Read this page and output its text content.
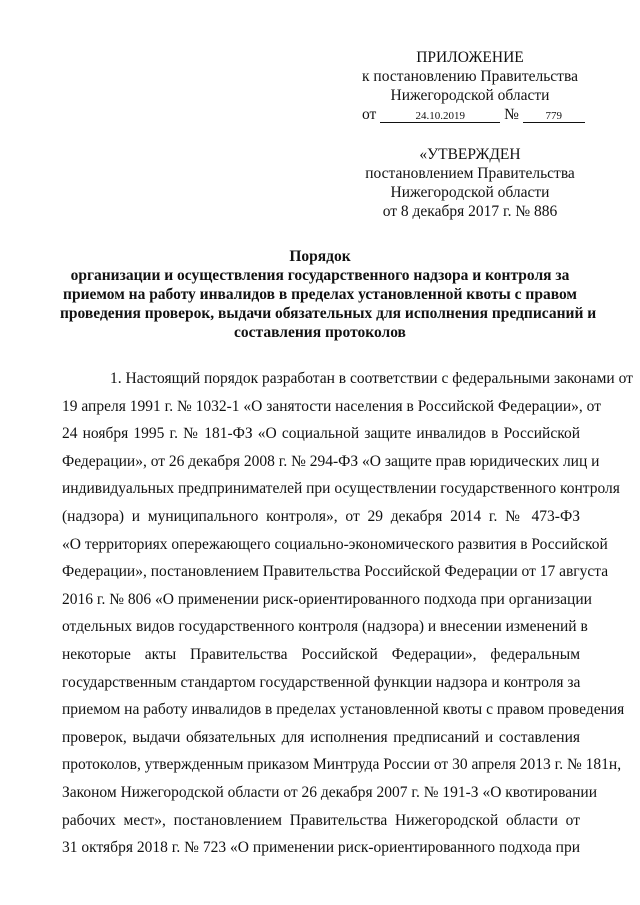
ПРИЛОЖЕНИЕ
к постановлению Правительства
Нижегородской области
от	24.10.2019	№ 779
«УТВЕРЖДЕН
постановлением Правительства
Нижегородской области
от 8 декабря 2017 г. № 886
Порядок
организации и осуществления государственного надзора и контроля за
приемом на работу инвалидов в пределах установленной квоты с правом
проведения проверок, выдачи обязательных для исполнения предписаний и
составления протоколов
1. Настоящий порядок разработан в соответствии с федеральными законами от
19 апреля 1991 г. № 1032-1 «О занятости населения в Российской Федерации», от
24 ноября 1995 г. № 181-ФЗ «О социальной защите инвалидов в Российской
Федерации», от 26 декабря 2008 г. № 294-ФЗ «О защите прав юридических лиц и
индивидуальных предпринимателей при осуществлении государственного контроля
(надзора) и муниципального контроля», от 29 декабря 2014 г. № 473-ФЗ
«О территориях опережающего социально-экономического развития в Российской
Федерации», постановлением Правительства Российской Федерации от 17 августа
2016 г. № 806 «О применении риск-ориентированного подхода при организации
отдельных видов государственного контроля (надзора) и внесении изменений в
некоторые акты Правительства Российской Федерации», федеральным
государственным стандартом государственной функции надзора и контроля за
приемом на работу инвалидов в пределах установленной квоты с правом проведения
проверок, выдачи обязательных для исполнения предписаний и составления
протоколов, утвержденным приказом Минтруда России от 30 апреля 2013 г. № 181н,
Законом Нижегородской области от 26 декабря 2007 г. № 191-З «О квотировании
рабочих мест», постановлением Правительства Нижегородской области от
31 октября 2018 г. № 723 «О применении риск-ориентированного подхода при
